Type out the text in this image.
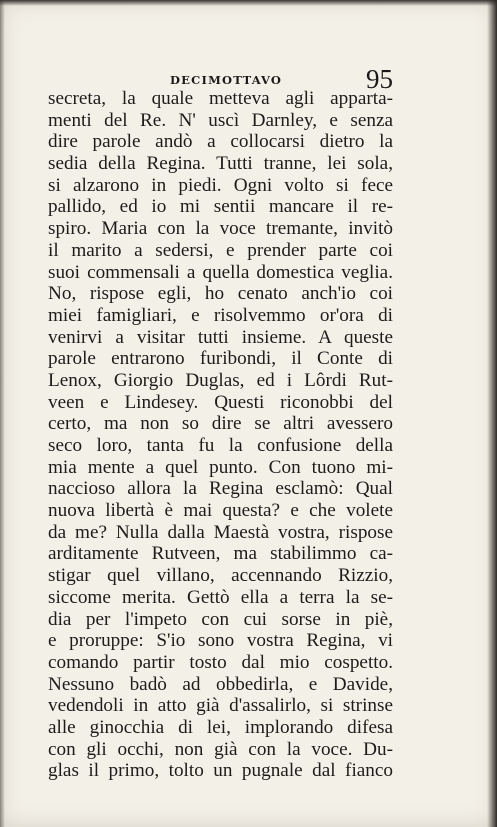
DECIMOTTAVO	95
secreta, la quale metteva agli apparta-
menti del Re. N' uscì Darnley, e senza
dire parole andò a collocarsi dietro la
sedia della Regina. Tutti tranne, lei sola,
si alzarono in piedi. Ogni volto si fece
pallido, ed io mi sentii mancare il re-
spiro. Maria con la voce tremante, invitò
il marito a sedersi, e prender parte coi
suoi commensali a quella domestica veglia.
No, rispose egli, ho cenato anch'io coi
miei famigliari, e risolvemmo or'ora di
venirvi a visitar tutti insieme. A queste
parole entrarono furibondi, il Conte di
Lenox, Giorgio Duglas, ed i Lôrdi Rut-
veen e Lindesey. Questi riconobbi del
certo, ma non so dire se altri avessero
seco loro, tanta fu la confusione della
mia mente a quel punto. Con tuono mi-
naccioso allora la Regina esclamò: Qual
nuova libertà è mai questa? e che volete
da me? Nulla dalla Maestà vostra, rispose
arditamente Rutveen, ma stabilimmo ca-
stigar quel villano, accennando Rizzio,
siccome merita. Gettò ella a terra la se-
dia per l'impeto con cui sorse in piè,
e proruppe: S'io sono vostra Regina, vi
comando partir tosto dal mio cospetto.
Nessuno badò ad obbedirla, e Davide,
vedendoli in atto già d'assalirlo, si strinse
alle ginocchia di lei, implorando difesa
con gli occhi, non già con la voce. Du-
glas il primo, tolto un pugnale dal fianco
